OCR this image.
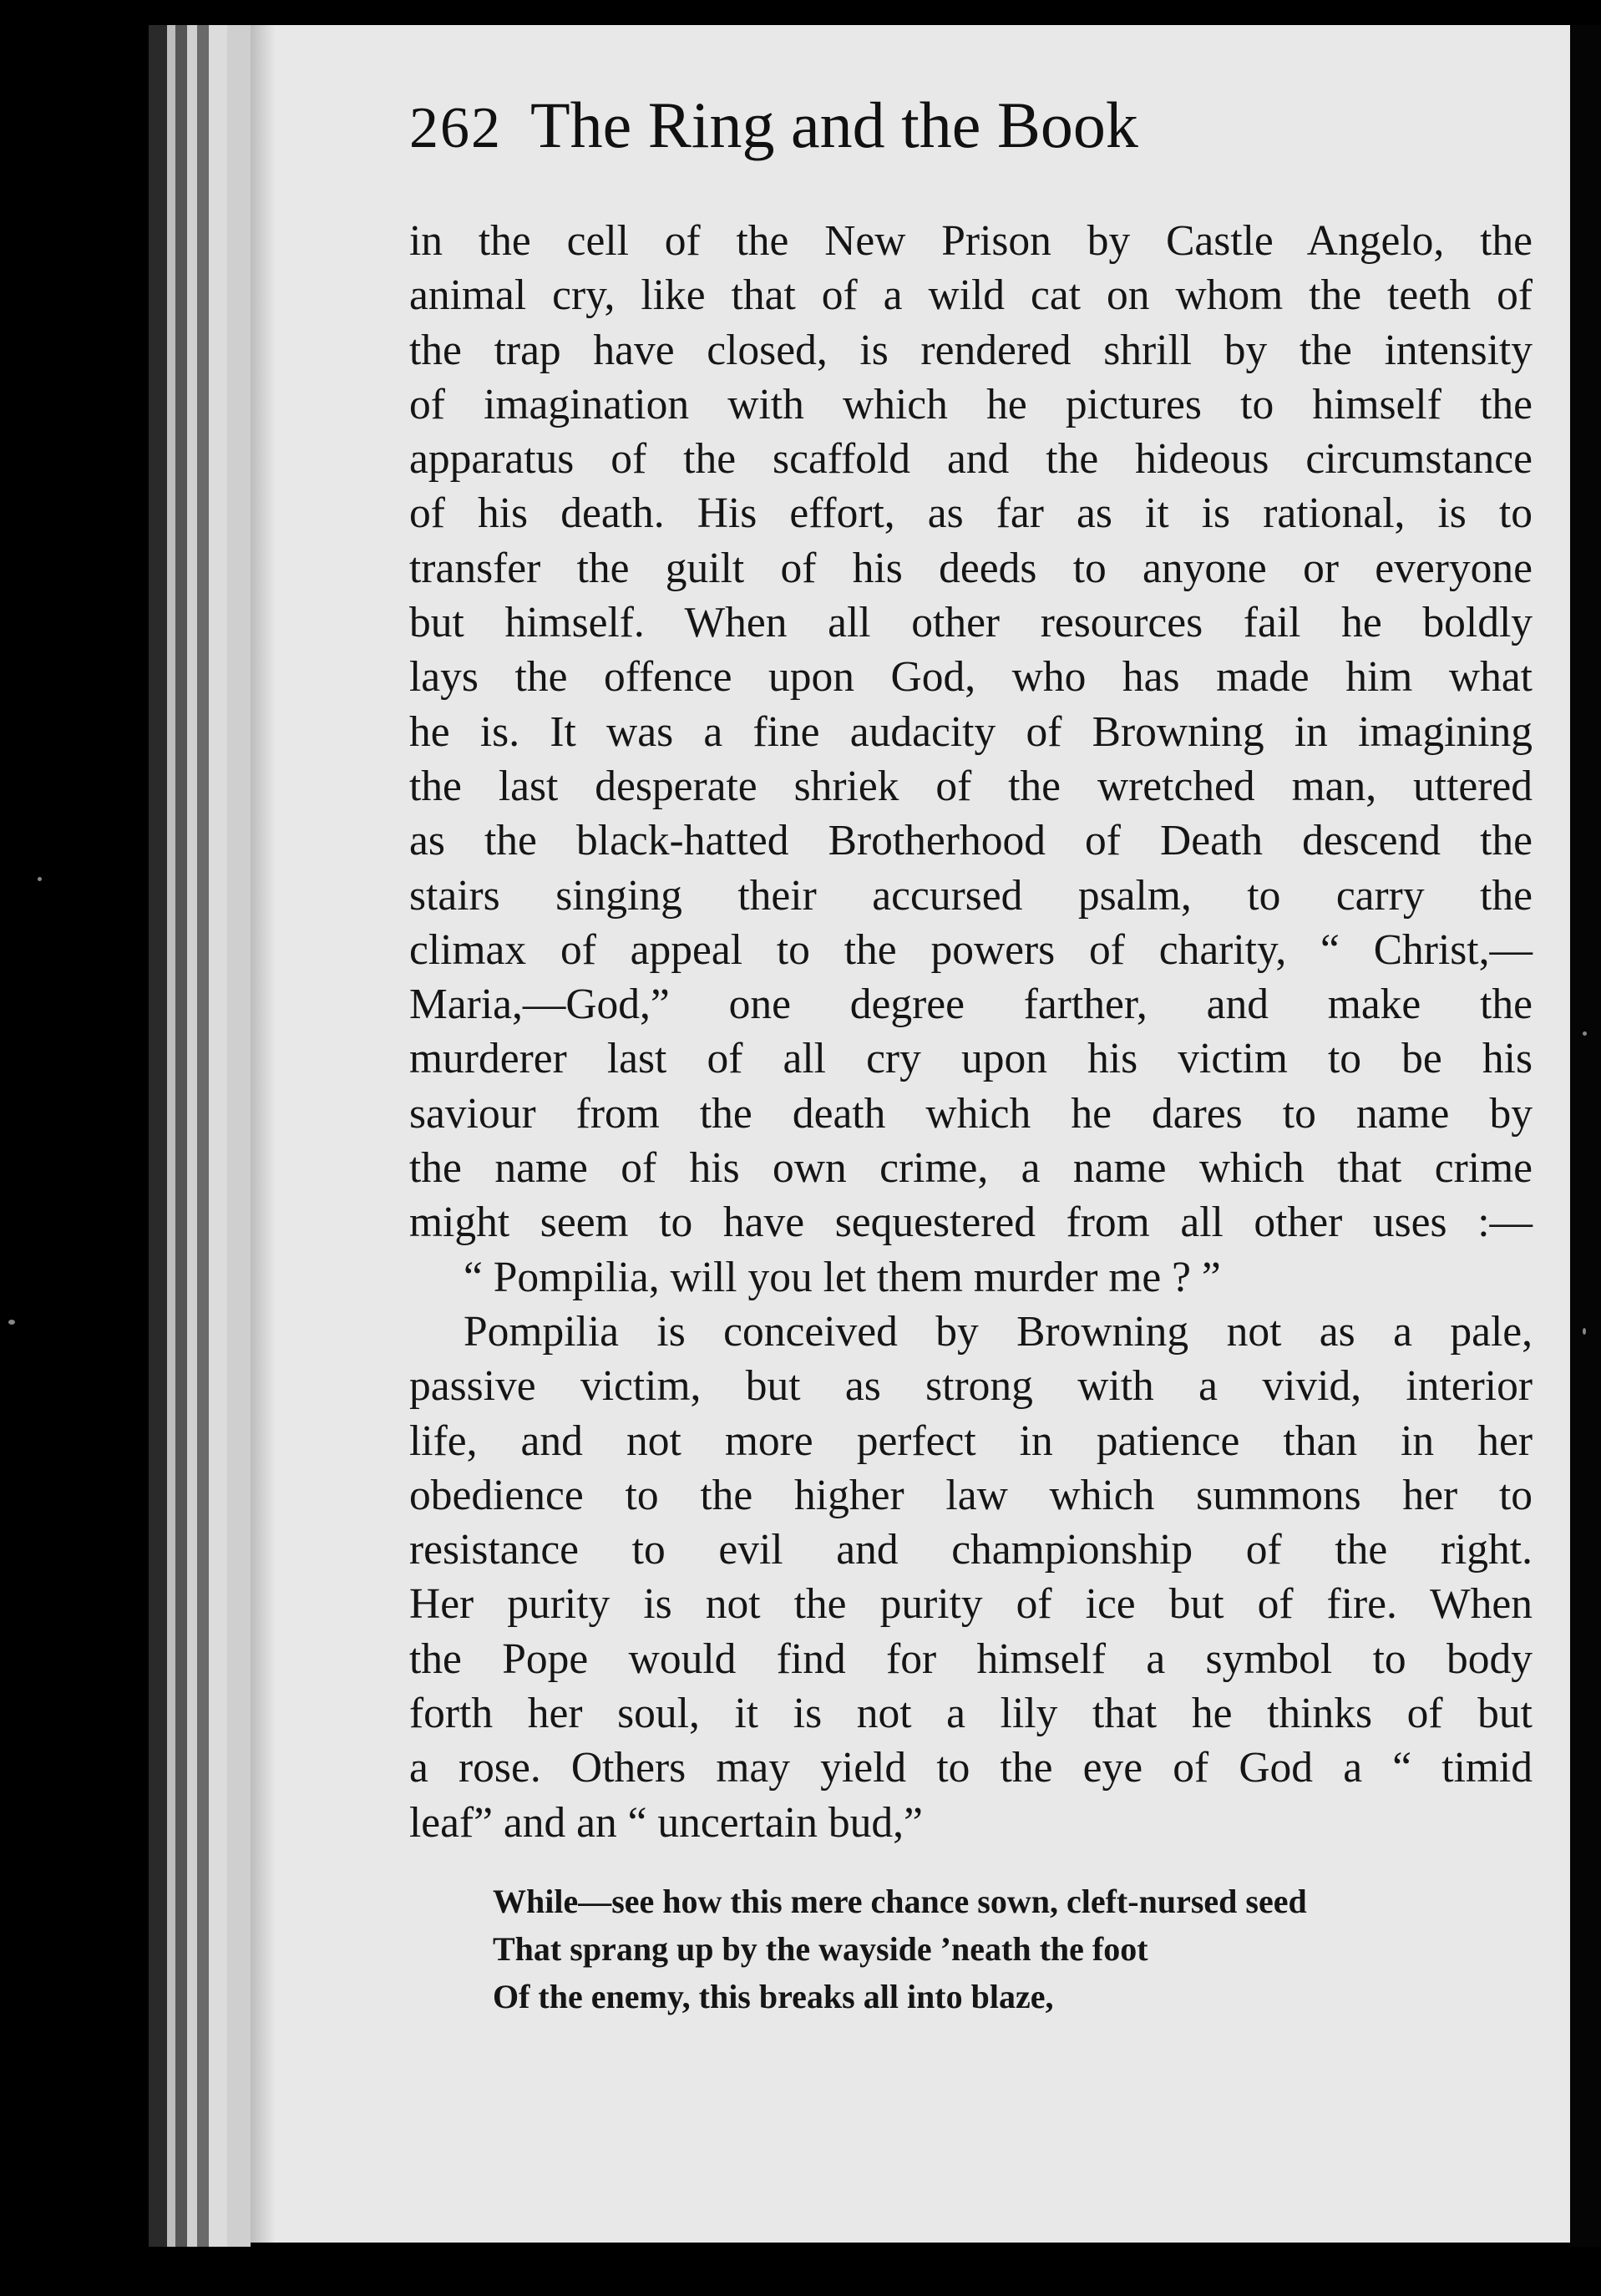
262 The Ring and the Book
in the cell of the New Prison by Castle Angelo, the
animal cry, like that of a wild cat on whom the teeth of
the trap have closed, is rendered shrill by the intensity
of imagination with which he pictures to himself the
apparatus of the scaffold and the hideous circumstance
of his death. His effort, as far as it is rational, is to
transfer the guilt of his deeds to anyone or everyone
but himself. When all other resources fail he boldly
lays the offence upon God, who has made him what
he is. It was a fine audacity of Browning in imagining
the last desperate shriek of the wretched man, uttered
as the black-hatted Brotherhood of Death descend the
stairs singing their accursed psalm, to carry the
climax of appeal to the powers of charity, “ Christ,—
Maria,—God,” one degree farther, and make the
murderer last of all cry upon his victim to be his
saviour from the death which he dares to name by
the name of his own crime, a name which that crime
might seem to have sequestered from all other uses :—
“ Pompilia, will you let them murder me ? ”
Pompilia is conceived by Browning not as a pale,
passive victim, but as strong with a vivid, interior
life, and not more perfect in patience than in her
obedience to the higher law which summons her to
resistance to evil and championship of the right.
Her purity is not the purity of ice but of fire. When
the Pope would find for himself a symbol to body
forth her soul, it is not a lily that he thinks of but
a rose. Others may yield to the eye of God a “ timid
leaf” and an “ uncertain bud,”
While—see how this mere chance sown, cleft-nursed seed
That sprang up by the wayside ’neath the foot
Of the enemy, this breaks all into blaze,
